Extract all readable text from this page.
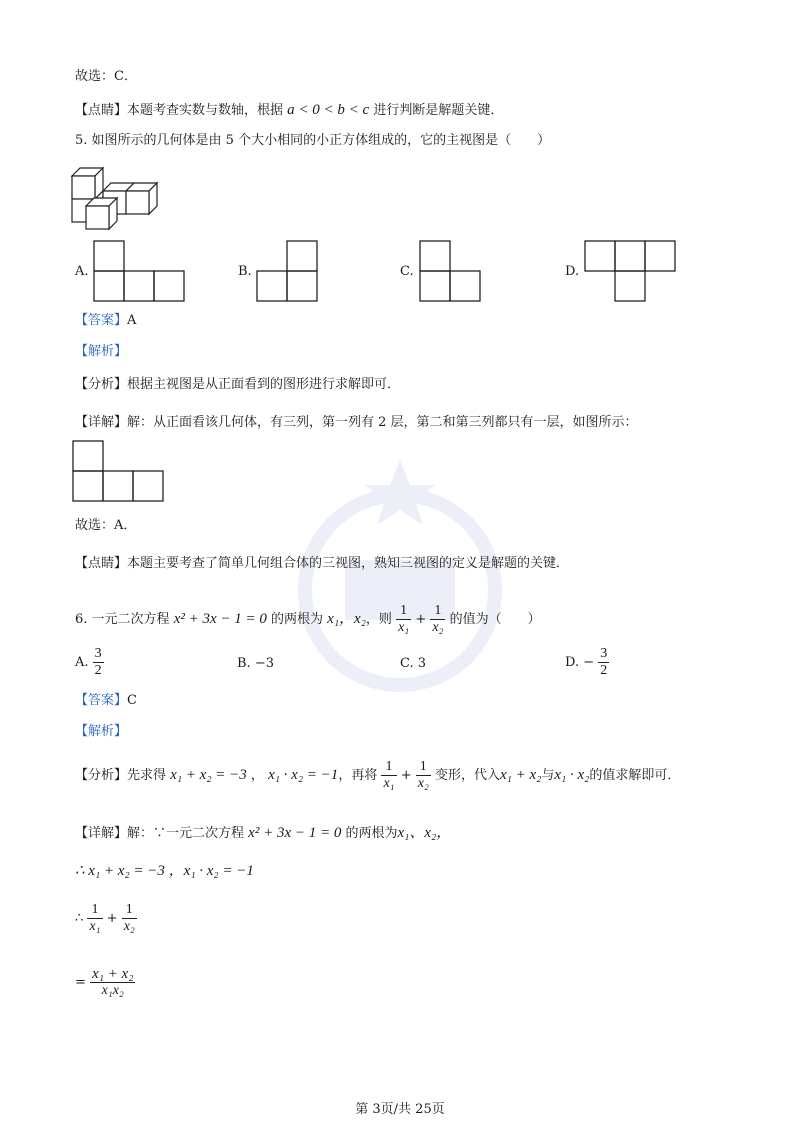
故选：C．
【点睛】本题考查实数与数轴，根据 a < 0 < b < c 进行判断是解题关键．
5. 如图所示的几何体是由 5 个大小相同的小正方体组成的，它的主视图是（　　）
A.	B.	C.	D.
【答案】A
【解析】
【分析】根据主视图是从正面看到的图形进行求解即可．
【详解】解：从正面看该几何体，有三列，第一列有 2 层，第二和第三列都只有一层，如图所示：
故选：A．
【点睛】本题主要考查了简单几何组合体的三视图，熟知三视图的定义是解题的关键．
6. 一元二次方程 x² + 3x − 1 = 0 的两根为 x₁，x₂，则 $\frac{1}{\text{x₁}} + \frac{1}{\text{x₂}}$ 的值为（　　）
A. $\frac{3}{2}$	B. −3	C. 3	D. − $\frac{3}{2}$
【答案】C
【解析】
【分析】先求得 x₁ + x₂ = −3 ， x₁ · x₂ = −1，再将 $\frac{1}{\text{x₁}} + \frac{1}{\text{x₂}}$ 变形，代入x₁ + x₂与x₁ · x₂的值求解即可．
【详解】解：∵一元二次方程 x² + 3x − 1 = 0 的两根为x₁、x₂，
∴ x₁ + x₂ = −3 ，x₁ · x₂ = −1
∴ $\frac{1}{\text{x₁}} + \frac{1}{\text{x₂}}$
= $\frac{\text{x₁ + x₂}}{\text{x₁x₂}}$
第 3页/共 25页
